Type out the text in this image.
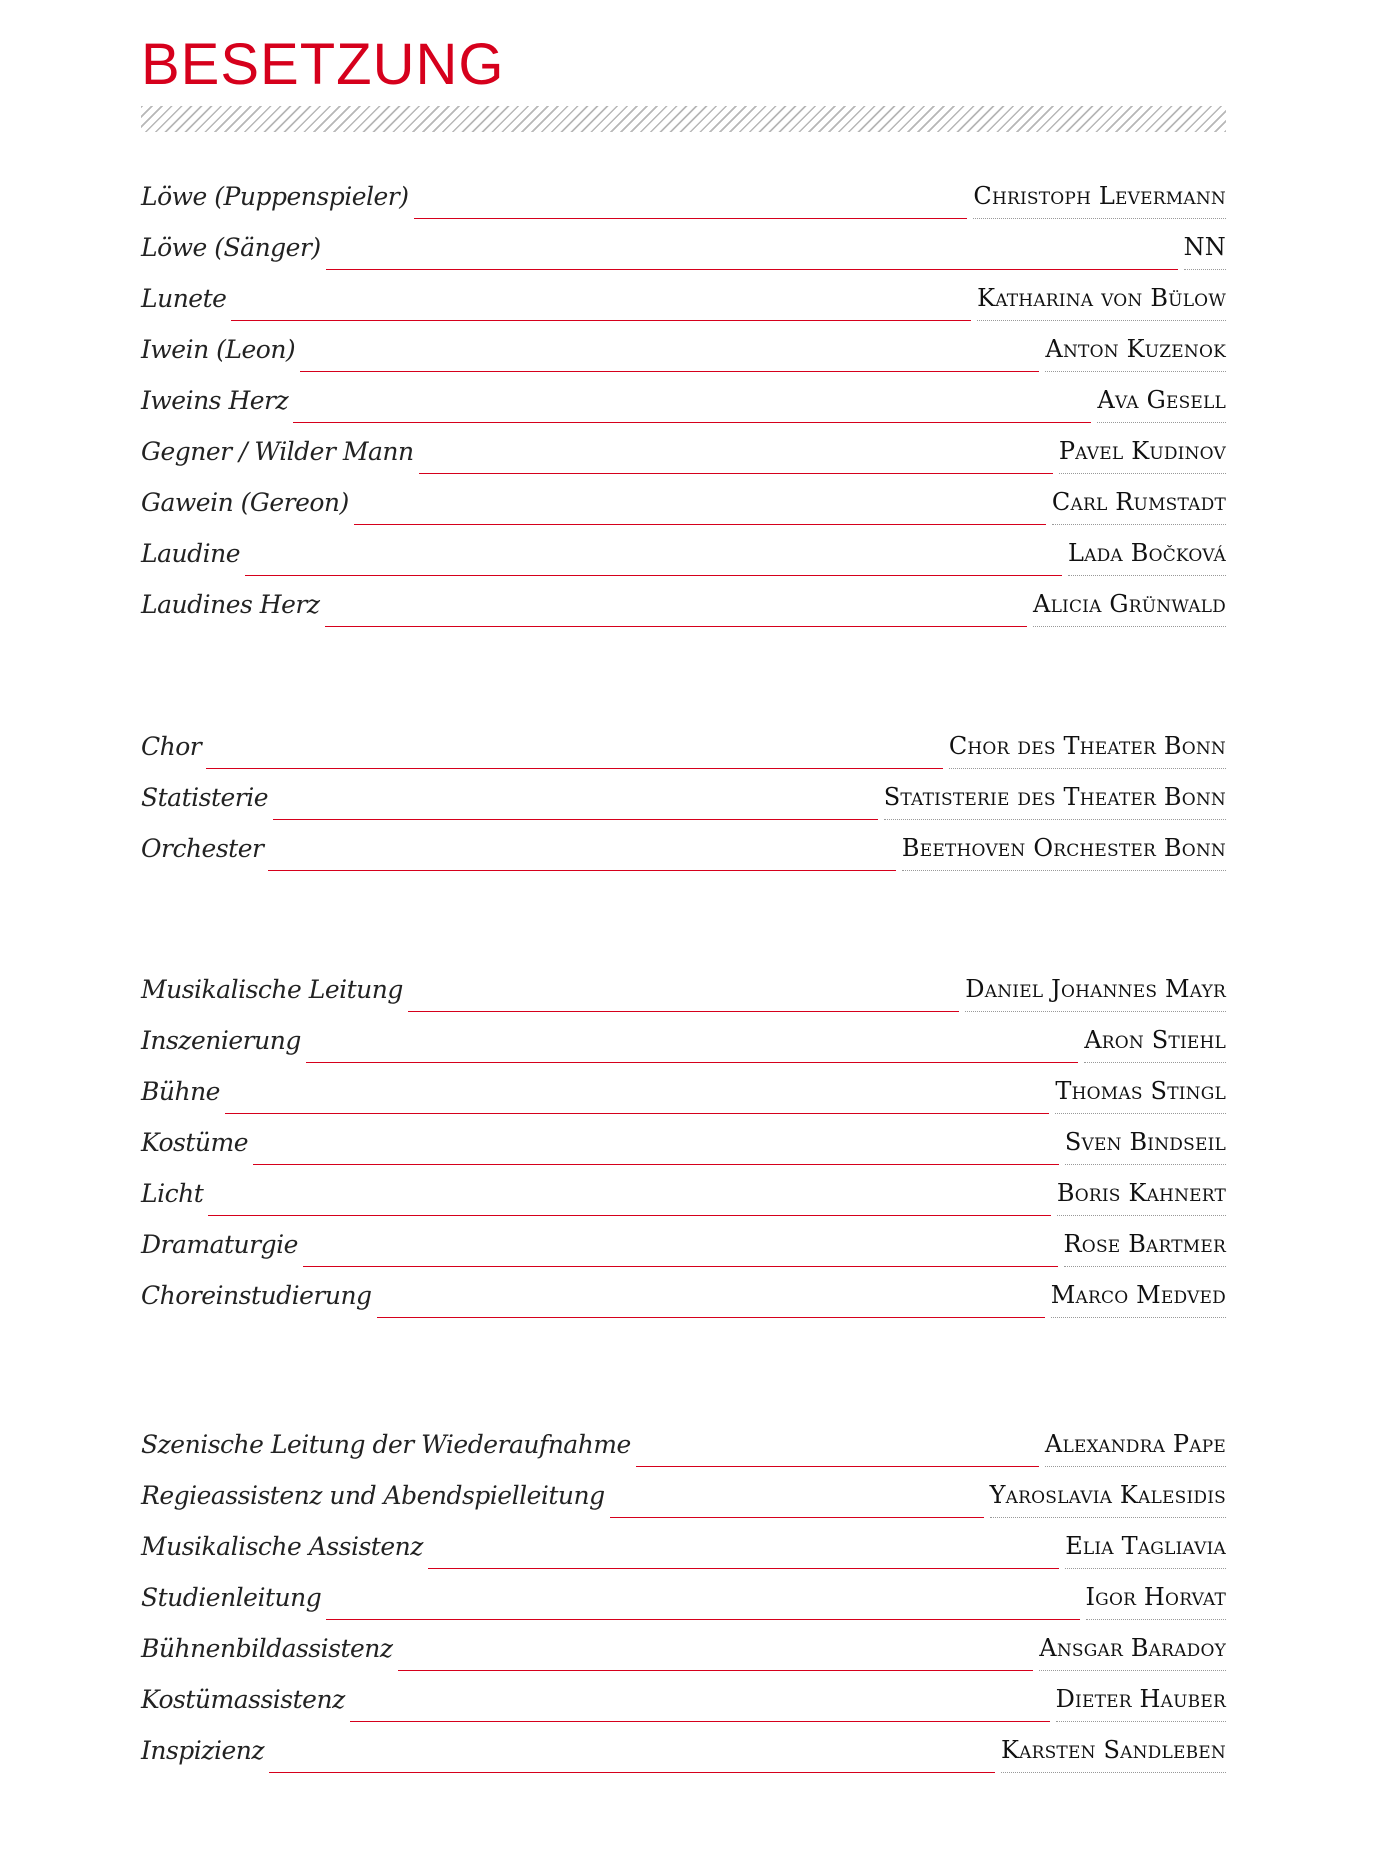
BESETZUNG
Löwe (Puppenspieler)	Christoph Levermann
Löwe (Sänger)	NN
Lunete	Katharina von Bülow
Iwein (Leon)	Anton Kuzenok
Iweins Herz	Ava Gesell
Gegner / Wilder Mann	Pavel Kudinov
Gawein (Gereon)	Carl Rumstadt
Laudine	Lada Bočková
Laudines Herz	Alicia Grünwald
Chor	Chor des Theater Bonn
Statisterie	Statisterie des Theater Bonn
Orchester	Beethoven Orchester Bonn
Musikalische Leitung	Daniel Johannes Mayr
Inszenierung	Aron Stiehl
Bühne	Thomas Stingl
Kostüme	Sven Bindseil
Licht	Boris Kahnert
Dramaturgie	Rose Bartmer
Choreinstudierung	Marco Medved
Szenische Leitung der Wiederaufnahme	Alexandra Pape
Regieassistenz und Abendspielleitung	Yaroslavia Kalesidis
Musikalische Assistenz	Elia Tagliavia
Studienleitung	Igor Horvat
Bühnenbildassistenz	Ansgar Baradoy
Kostümassistenz	Dieter Hauber
Inspizienz	Karsten Sandleben
